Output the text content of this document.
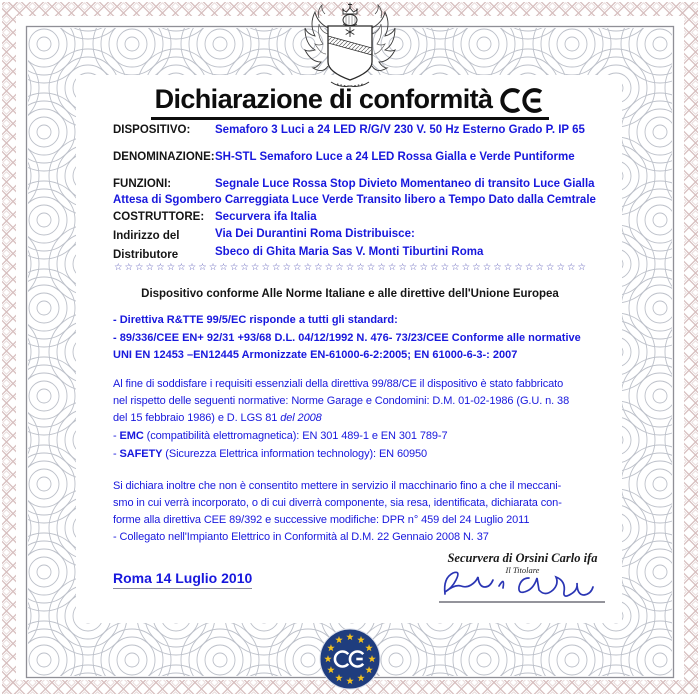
Dichiarazione di conformità
DISPOSITIVO: Semaforo 3 Luci a 24 LED R/G/V 230 V. 50 Hz Esterno Grado P. IP 65
DENOMINAZIONE: SH-STL Semaforo Luce a 24 LED Rossa Gialla e Verde Puntiforme
FUNZIONI:	Segnale Luce Rossa Stop Divieto Momentaneo di transito Luce Gialla
Attesa di Sgombero Carreggiata Luce Verde Transito libero a Tempo Dato dalla Cemtrale
COSTRUTTORE: Securvera ifa Italia
Indirizzo del
Distributore
Via Dei Durantini Roma Distribuisce:
Sbeco di Ghita Maria Sas V. Monti Tiburtini Roma
☆ ☆ ☆ ☆ ☆ ☆ ☆ ☆ ☆ ☆ ☆ ☆ ☆ ☆ ☆ ☆ ☆ ☆ ☆ ☆ ☆ ☆ ☆ ☆ ☆ ☆ ☆ ☆ ☆ ☆ ☆ ☆ ☆ ☆ ☆ ☆ ☆ ☆ ☆ ☆ ☆ ☆ ☆ ☆ ☆
Dispositivo conforme Alle Norme Italiane e alle direttive dell'Unione Europea
- Direttiva R&TTE 99/5/EC risponde a tutti gli standard:
- 89/336/CEE EN+ 92/31 +93/68 D.L. 04/12/1992 N. 476- 73/23/CEE Conforme alle normative
UNI EN 12453 –EN12445 Armonizzate EN-61000-6-2:2005; EN 61000-6-3-: 2007
Al fine di soddisfare i requisiti essenziali della direttiva 99/88/CE il dispositivo è stato fabbricato
nel rispetto delle seguenti normative: Norme Garage e Condomini: D.M. 01-02-1986 (G.U. n. 38
del 15 febbraio 1986) e D. LGS 81 del 2008
- EMC (compatibilità elettromagnetica): EN 301 489-1 e EN 301 789-7
- SAFETY (Sicurezza Elettrica information technology): EN 60950
Si dichiara inoltre che non è consentito mettere in servizio il macchinario fino a che il meccani-
smo in cui verrà incorporato, o di cui diverrà componente, sia resa, identificata, dichiarata con-
forme alla direttiva CEE 89/392 e successive modifiche: DPR n° 459 del 24 Luglio 2011
- Collegato nell'Impianto Elettrico in Conformità al D.M. 22 Gennaio 2008 N. 37
Roma 14 Luglio 2010
Securvera di Orsini Carlo ifa
Il Titolare
